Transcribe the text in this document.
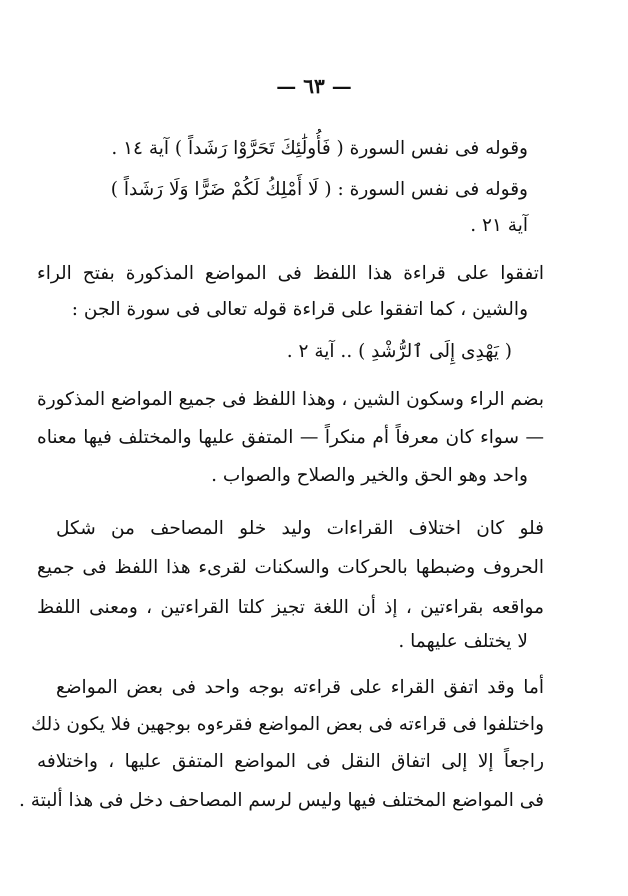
— ٦٣ —
وقوله فى نفس السورة ( فَأُولَٰئِكَ تَحَرَّوْا رَشَداً ) آية ١٤ .
وقوله فى نفس السورة : ( لَا أَمْلِكُ لَكُمْ ضَرًّا وَلَا رَشَداً )
آية ٢١ .
اتفقوا على قراءة هذا اللفظ فى المواضع المذكورة بفتح الراء
والشين ، كما اتفقوا على قراءة قوله تعالى فى سورة الجن :
( يَهْدِى إِلَى ٱلرُّشْدِ ) .. آية ٢ .
بضم الراء وسكون الشين ، وهذا اللفظ فى جميع المواضع المذكورة
— سواء كان معرفاً أم منكراً — المتفق عليها والمختلف فيها معناه
واحد وهو الحق والخير والصلاح والصواب .
فلو كان اختلاف القراءات وليد خلو المصاحف من شكل
الحروف وضبطها بالحركات والسكنات لقرىء هذا اللفظ فى جميع
مواقعه بقراءتين ، إذ أن اللغة تجيز كلتا القراءتين ، ومعنى اللفظ
لا يختلف عليهما .
أما وقد اتفق القراء على قراءته بوجه واحد فى بعض المواضع
واختلفوا فى قراءته فى بعض المواضع فقرءوه بوجهين فلا يكون ذلك
راجعاً إلا إلى اتفاق النقل فى المواضع المتفق عليها ، واختلافه
فى المواضع المختلف فيها وليس لرسم المصاحف دخل فى هذا ألبتة .
